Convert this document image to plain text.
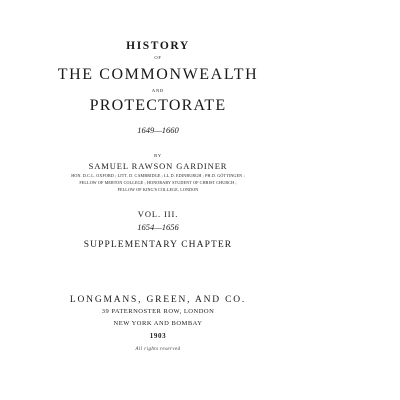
HISTORY
OF
THE COMMONWEALTH
AND
PROTECTORATE
1649—1660
BY
SAMUEL RAWSON GARDINER
HON. D.C.L. OXFORD ; LITT. D. CAMBRIDGE ; LL.D. EDINBURGH ; PH.D. GÖTTINGEN ;
FELLOW OF MERTON COLLEGE ; HONORARY STUDENT OF CHRIST CHURCH ;
FELLOW OF KING'S COLLEGE, LONDON
VOL. III.
1654—1656
SUPPLEMENTARY CHAPTER
LONGMANS, GREEN, AND CO.
39 PATERNOSTER ROW, LONDON
NEW YORK AND BOMBAY
1903
All rights reserved
